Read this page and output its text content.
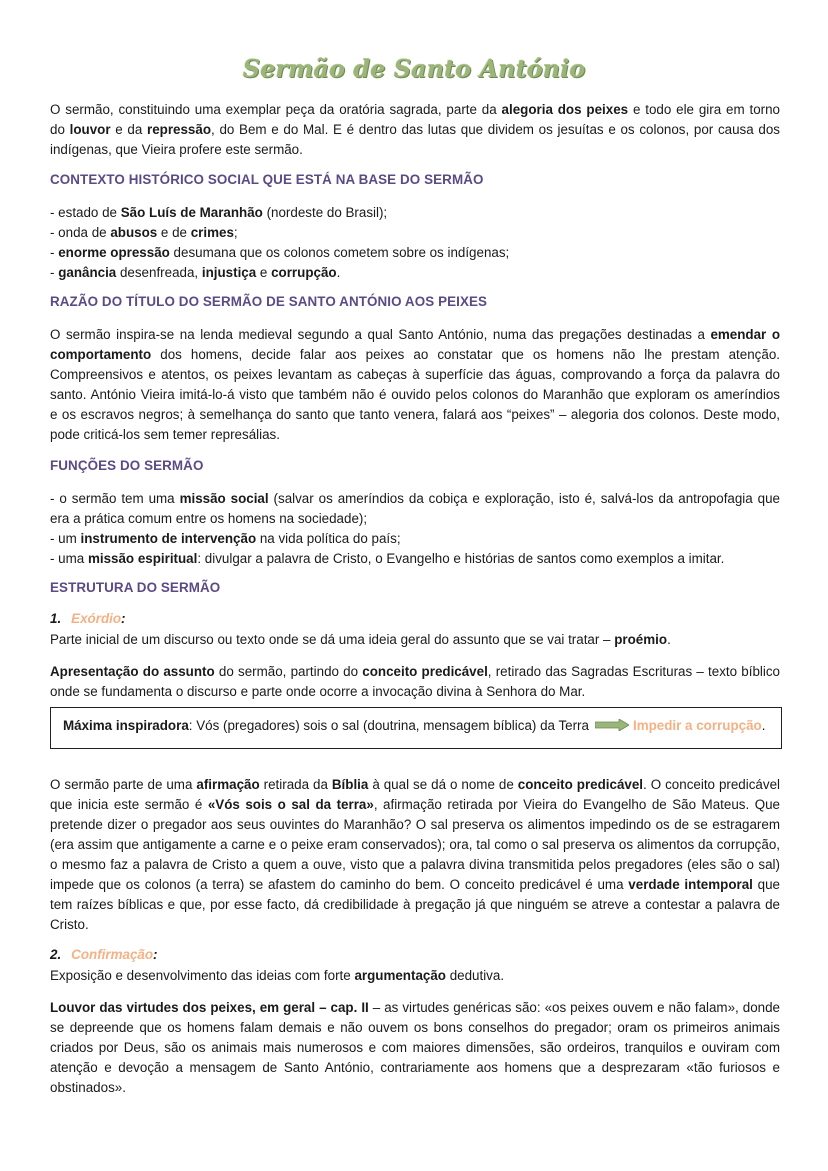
Sermão de Santo António
O sermão, constituindo uma exemplar peça da oratória sagrada, parte da alegoria dos peixes e todo ele gira em torno
do louvor e da repressão, do Bem e do Mal. E é dentro das lutas que dividem os jesuítas e os colonos, por causa dos
indígenas, que Vieira profere este sermão.
CONTEXTO HISTÓRICO SOCIAL QUE ESTÁ NA BASE DO SERMÃO
- estado de São Luís de Maranhão (nordeste do Brasil);
- onda de abusos e de crimes;
- enorme opressão desumana que os colonos cometem sobre os indígenas;
- ganância desenfreada, injustiça e corrupção.
RAZÃO DO TÍTULO DO SERMÃO DE SANTO ANTÓNIO AOS PEIXES
O sermão inspira-se na lenda medieval segundo a qual Santo António, numa das pregações destinadas a emendar o
comportamento dos homens, decide falar aos peixes ao constatar que os homens não lhe prestam atenção.
Compreensivos e atentos, os peixes levantam as cabeças à superfície das águas, comprovando a força da palavra do
santo. António Vieira imitá-lo-á visto que também não é ouvido pelos colonos do Maranhão que exploram os ameríndios
e os escravos negros; à semelhança do santo que tanto venera, falará aos “peixes” – alegoria dos colonos. Deste modo,
pode criticá-los sem temer represálias.
FUNÇÕES DO SERMÃO
- o sermão tem uma missão social (salvar os ameríndios da cobiça e exploração, isto é, salvá-los da antropofagia que
era a prática comum entre os homens na sociedade);
- um instrumento de intervenção na vida política do país;
- uma missão espiritual: divulgar a palavra de Cristo, o Evangelho e histórias de santos como exemplos a imitar.
ESTRUTURA DO SERMÃO

1. Exórdio:

Parte inicial de um discurso ou texto onde se dá uma ideia geral do assunto que se vai tratar – proémio.
Apresentação do assunto do sermão, partindo do conceito predicável, retirado das Sagradas Escrituras – texto bíblico
onde se fundamenta o discurso e parte onde ocorre a invocação divina à Senhora do Mar.
Máxima inspiradora: Vós (pregadores) sois o sal (doutrina, mensagem bíblica) da Terra	Impedir a corrupção.
O sermão parte de uma afirmação retirada da Bíblia à qual se dá o nome de conceito predicável. O conceito predicável
que inicia este sermão é «Vós sois o sal da terra», afirmação retirada por Vieira do Evangelho de São Mateus. Que
pretende dizer o pregador aos seus ouvintes do Maranhão? O sal preserva os alimentos impedindo os de se estragarem
(era assim que antigamente a carne e o peixe eram conservados); ora, tal como o sal preserva os alimentos da corrupção,
o mesmo faz a palavra de Cristo a quem a ouve, visto que a palavra divina transmitida pelos pregadores (eles são o sal)
impede que os colonos (a terra) se afastem do caminho do bem. O conceito predicável é uma verdade intemporal que
tem raízes bíblicas e que, por esse facto, dá credibilidade à pregação já que ninguém se atreve a contestar a palavra de
Cristo.

2. Confirmação:

Exposição e desenvolvimento das ideias com forte argumentação dedutiva.
Louvor das virtudes dos peixes, em geral – cap. II – as virtudes genéricas são: «os peixes ouvem e não falam», donde
se depreende que os homens falam demais e não ouvem os bons conselhos do pregador; oram os primeiros animais
criados por Deus, são os animais mais numerosos e com maiores dimensões, são ordeiros, tranquilos e ouviram com
atenção e devoção a mensagem de Santo António, contrariamente aos homens que a desprezaram «tão furiosos e
obstinados».
